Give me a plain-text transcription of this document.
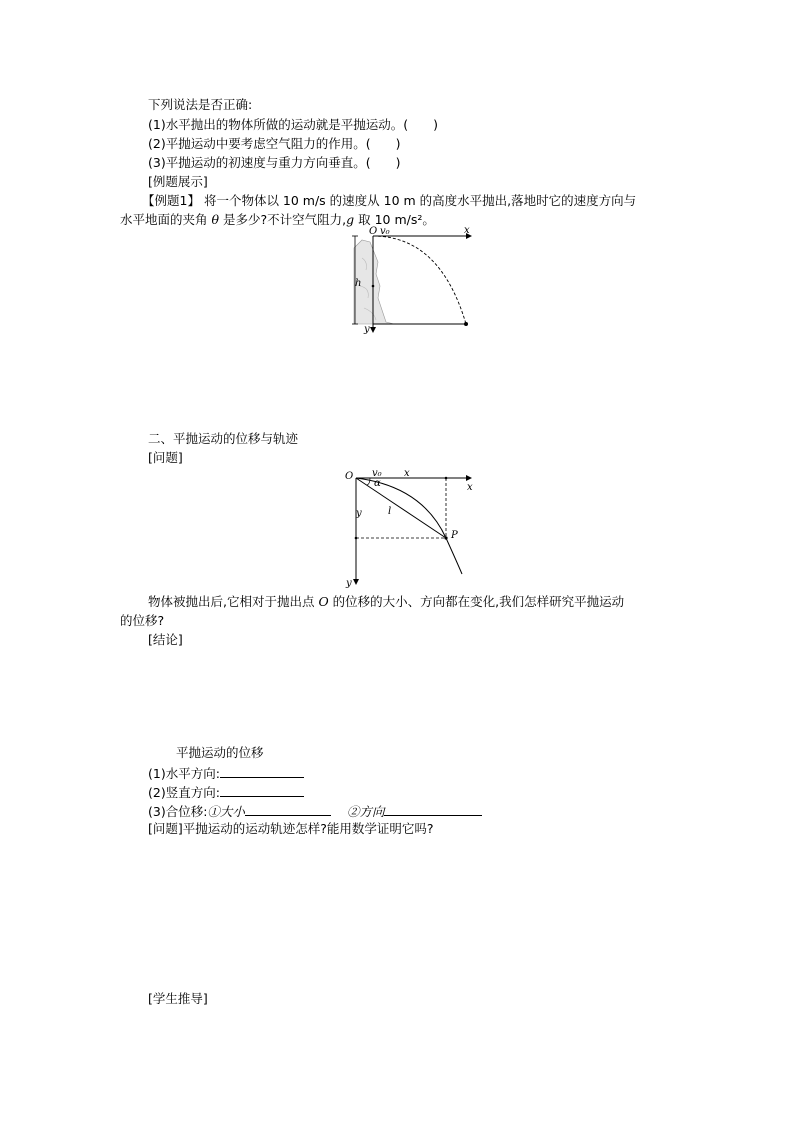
下列说法是否正确:
(1)水平抛出的物体所做的运动就是平抛运动。(　　)
(2)平抛运动中要考虑空气阻力的作用。(　　)
(3)平抛运动的初速度与重力方向垂直。(　　)
[例题展示]
【例题1】 将一个物体以 10 m/s 的速度从 10 m 的高度水平抛出,落地时它的速度方向与
水平地面的夹角 θ 是多少?不计空气阻力,g 取 10 m/s²。
O v₀	x
h
y
二、平抛运动的位移与轨迹
[问题]
O v₀ x
x
α
y	l
P
y
物体被抛出后,它相对于抛出点 O 的位移的大小、方向都在变化,我们怎样研究平抛运动
的位移?
[结论]
平抛运动的位移
(1)水平方向:
(2)竖直方向:
(3)合位移:①大小	②方向
[问题]平抛运动的运动轨迹怎样?能用数学证明它吗?
[学生推导]
